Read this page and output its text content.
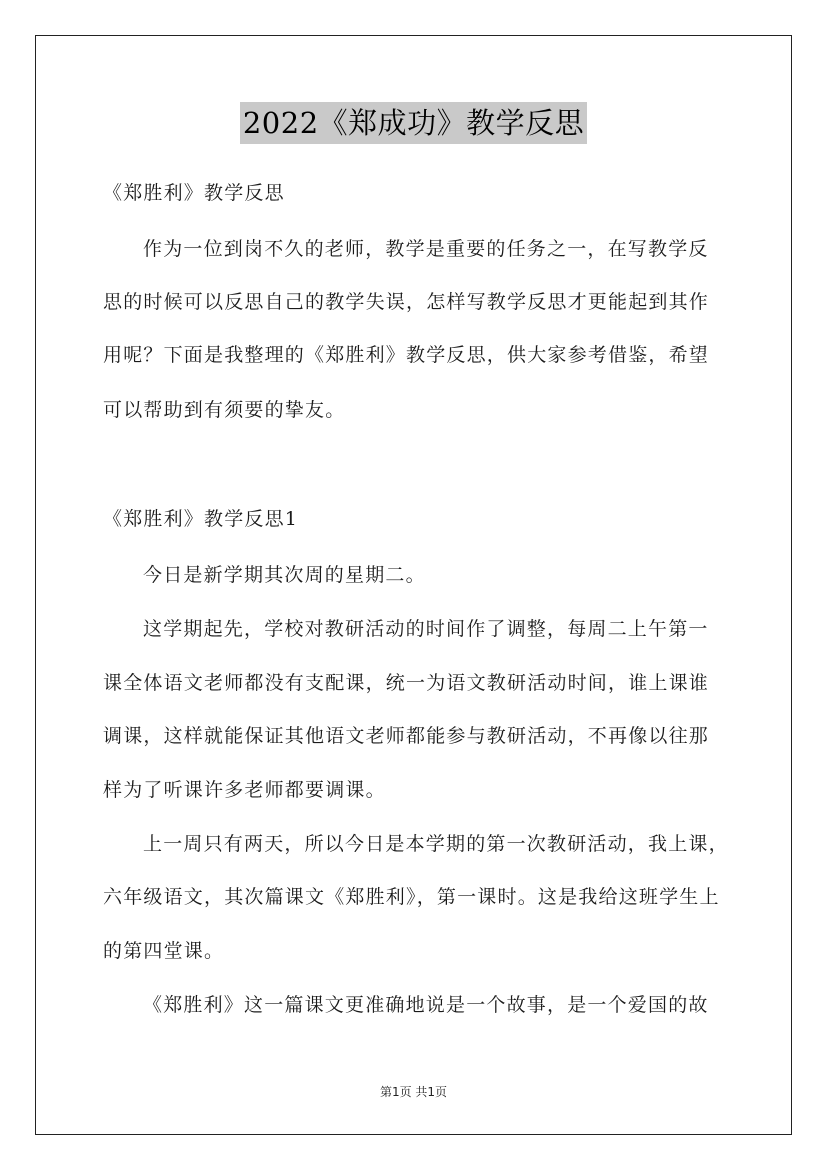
2022《郑成功》教学反思
《郑胜利》教学反思
作为一位到岗不久的老师，教学是重要的任务之一，在写教学反
思的时候可以反思自己的教学失误，怎样写教学反思才更能起到其作
用呢？下面是我整理的《郑胜利》教学反思，供大家参考借鉴，希望
可以帮助到有须要的挚友。
《郑胜利》教学反思1
今日是新学期其次周的星期二。
这学期起先，学校对教研活动的时间作了调整，每周二上午第一
课全体语文老师都没有支配课，统一为语文教研活动时间，谁上课谁
调课，这样就能保证其他语文老师都能参与教研活动，不再像以往那
样为了听课许多老师都要调课。
上一周只有两天，所以今日是本学期的第一次教研活动，我上课，
六年级语文，其次篇课文《郑胜利》，第一课时。这是我给这班学生上
的第四堂课。
《郑胜利》这一篇课文更准确地说是一个故事，是一个爱国的故
第1页 共1页
